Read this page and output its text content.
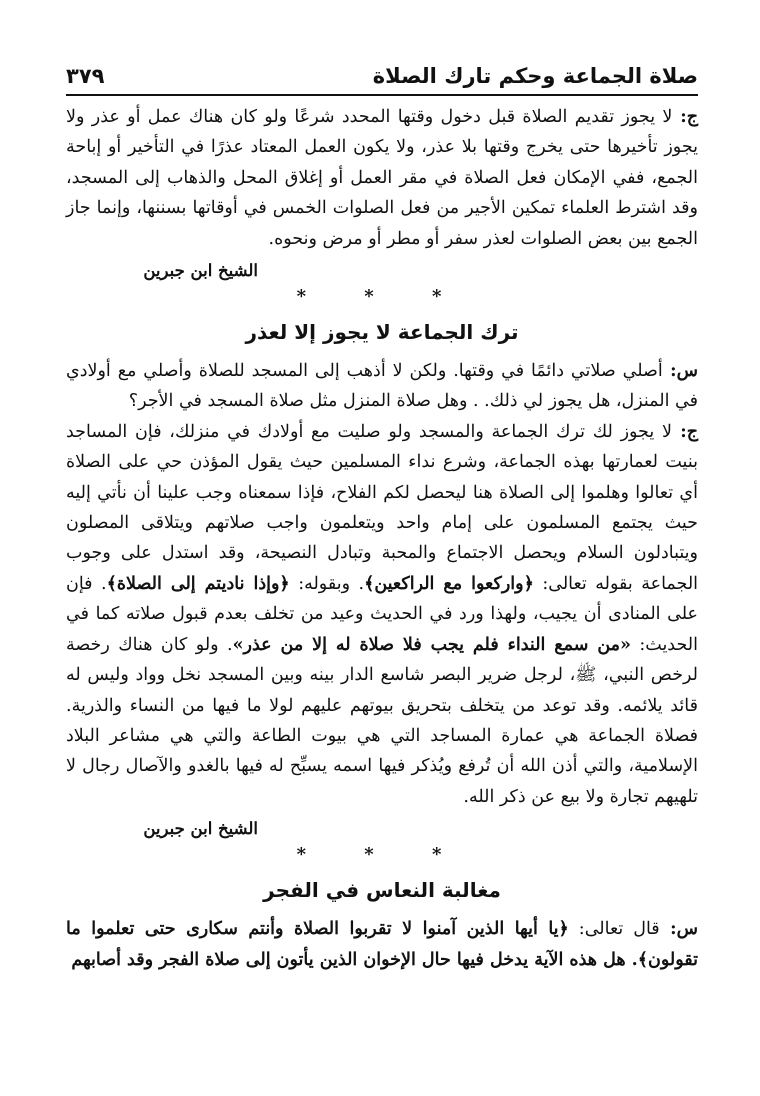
صلاة الجماعة وحكم تارك الصلاة
٣٧٩

ج: لا يجوز تقديم الصلاة قبل دخول وقتها المحدد شرعًا ولو كان هناك عمل أو عذر ولا يجوز تأخيرها حتى يخرج وقتها بلا عذر، ولا يكون العمل المعتاد عذرًا في التأخير أو إباحة الجمع، ففي الإمكان فعل الصلاة في مقر العمل أو إغلاق المحل والذهاب إلى المسجد، وقد اشترط العلماء تمكين الأجير من فعل الصلوات الخمس في أوقاتها بسننها، وإنما جاز الجمع بين بعض الصلوات لعذر سفر أو مطر أو مرض ونحوه.

الشيخ ابن جبرين
* * *
ترك الجماعة لا يجوز إلا لعذر

س: أصلي صلاتي دائمًا في وقتها. ولكن لا أذهب إلى المسجد للصلاة وأصلي مع أولادي في المنزل، هل يجوز لي ذلك. . وهل صلاة المنزل مثل صلاة المسجد في الأجر؟

ج: لا يجوز لك ترك الجماعة والمسجد ولو صليت مع أولادك في منزلك، فإن المساجد بنيت لعمارتها بهذه الجماعة، وشرع نداء المسلمين حيث يقول المؤذن حي على الصلاة أي تعالوا وهلموا إلى الصلاة هنا ليحصل لكم الفلاح، فإذا سمعناه وجب علينا أن نأتي إليه حيث يجتمع المسلمون على إمام واحد ويتعلمون واجب صلاتهم ويتلاقى المصلون ويتبادلون السلام ويحصل الاجتماع والمحبة وتبادل النصيحة، وقد استدل على وجوب الجماعة بقوله تعالى: ﴿واركعوا مع الراكعين﴾. وبقوله: ﴿وإذا ناديتم إلى الصلاة﴾. فإن على المنادى أن يجيب، ولهذا ورد في الحديث وعيد من تخلف بعدم قبول صلاته كما في الحديث: «من سمع النداء فلم يجب فلا صلاة له إلا من عذر». ولو كان هناك رخصة لرخص النبي، ﷺ، لرجل ضرير البصر شاسع الدار بينه وبين المسجد نخل وواد وليس له قائد يلائمه. وقد توعد من يتخلف بتحريق بيوتهم عليهم لولا ما فيها من النساء والذرية. فصلاة الجماعة هي عمارة المساجد التي هي بيوت الطاعة والتي هي مشاعر البلاد الإسلامية، والتي أذن الله أن تُرفع ويُذكر فيها اسمه يسبِّح له فيها بالغدو والآصال رجال لا تلهيهم تجارة ولا بيع عن ذكر الله.

الشيخ ابن جبرين
* * *
مغالبة النعاس في الفجر

س: قال تعالى: ﴿يا أيها الذين آمنوا لا تقربوا الصلاة وأنتم سكارى حتى تعلموا ما تقولون﴾. هل هذه الآية يدخل فيها حال الإخوان الذين يأتون إلى صلاة الفجر وقد أصابهم
